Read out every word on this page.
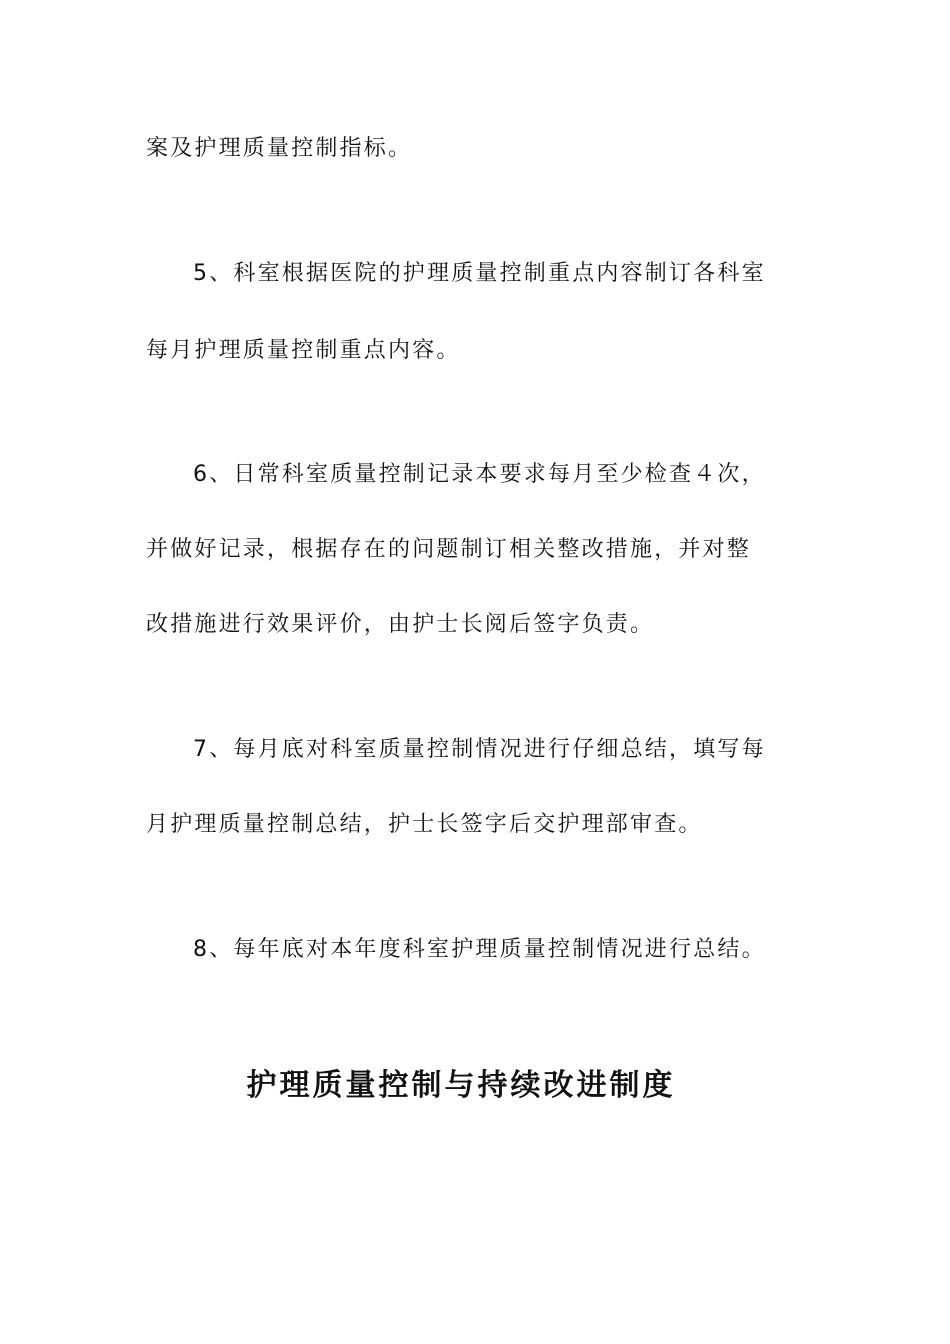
案及护理质量控制指标。
5、科室根据医院的护理质量控制重点内容制订各科室
每月护理质量控制重点内容。
6、日常科室质量控制记录本要求每月至少检查４次，
并做好记录，根据存在的问题制订相关整改措施，并对整
改措施进行效果评价，由护士长阅后签字负责。
7、每月底对科室质量控制情况进行仔细总结，填写每
月护理质量控制总结，护士长签字后交护理部审查。
8、每年底对本年度科室护理质量控制情况进行总结。
护理质量控制与持续改进制度
